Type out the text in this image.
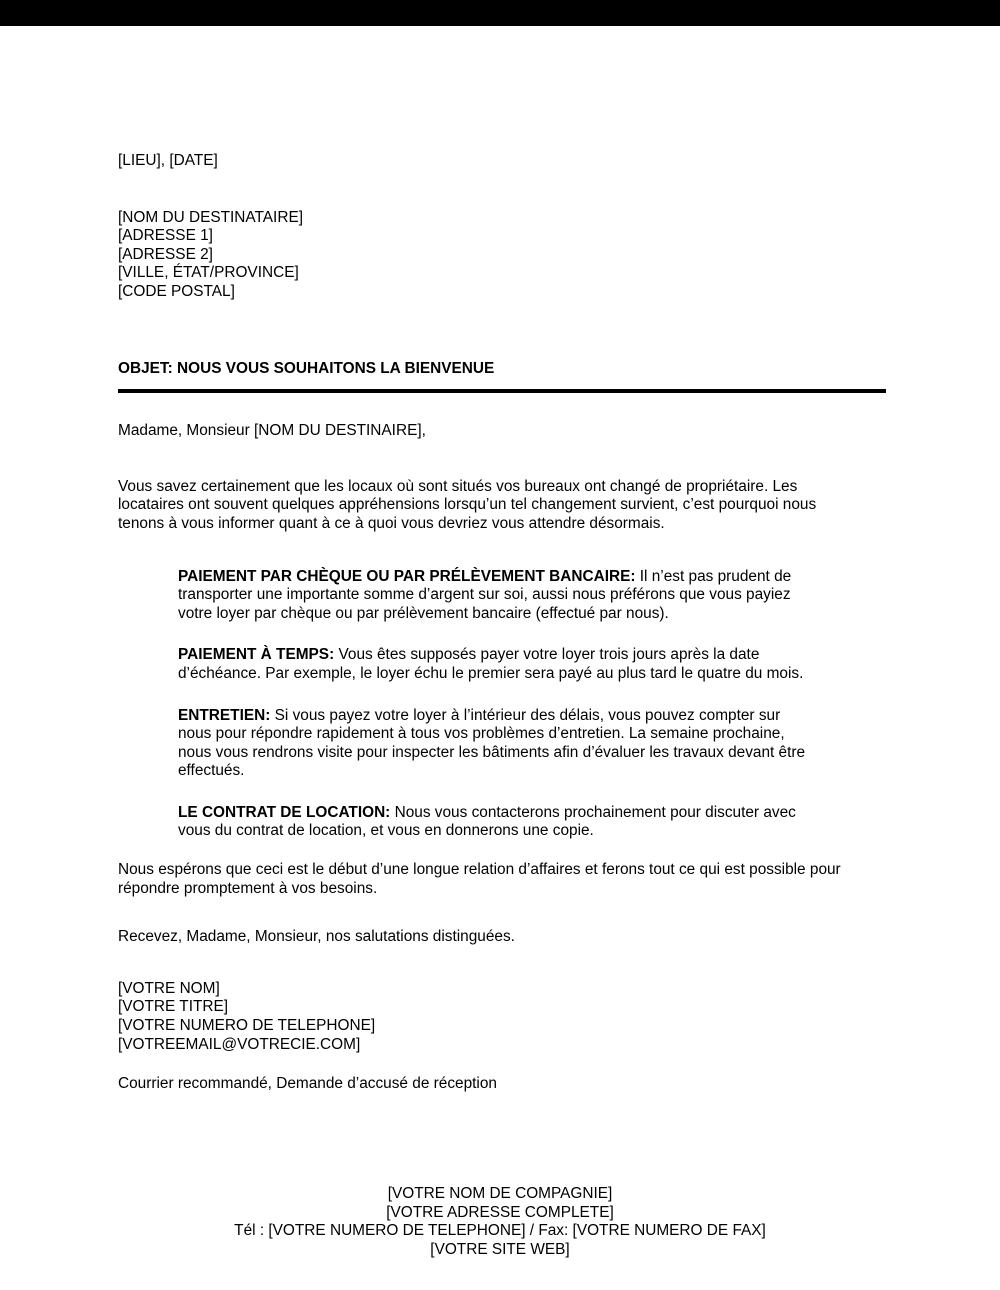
[LIEU], [DATE]

[NOM DU DESTINATAIRE]

[ADRESSE 1]

[ADRESSE 2]

[VILLE, ÉTAT/PROVINCE]

[CODE POSTAL]

OBJET: NOUS VOUS SOUHAITONS LA BIENVENUE

Madame, Monsieur [NOM DU DESTINAIRE],

Vous savez certainement que les locaux où sont situés vos bureaux ont changé de propriétaire. Les locataires ont souvent quelques appréhensions lorsqu’un tel changement survient, c’est pourquoi nous tenons à vous informer quant à ce à quoi vous devriez vous attendre désormais.

PAIEMENT PAR CHÈQUE OU PAR PRÉLÈVEMENT BANCAIRE: Il n’est pas prudent de transporter une importante somme d’argent sur soi, aussi nous préférons que vous payiez votre loyer par chèque ou par prélèvement bancaire (effectué par nous).

PAIEMENT À TEMPS: Vous êtes supposés payer votre loyer trois jours après la date d’échéance. Par exemple, le loyer échu le premier sera payé au plus tard le quatre du mois.

ENTRETIEN: Si vous payez votre loyer à l’intérieur des délais, vous pouvez compter sur nous pour répondre rapidement à tous vos problèmes d’entretien. La semaine prochaine, nous vous rendrons visite pour inspecter les bâtiments afin d’évaluer les travaux devant être effectués.

LE CONTRAT DE LOCATION: Nous vous contacterons prochainement pour discuter avec vous du contrat de location, et vous en donnerons une copie.

Nous espérons que ceci est le début d’une longue relation d’affaires et ferons tout ce qui est possible pour répondre promptement à vos besoins.

Recevez, Madame, Monsieur, nos salutations distinguées.

[VOTRE NOM]

[VOTRE TITRE]

[VOTRE NUMERO DE TELEPHONE]

[VOTREEMAIL@VOTRECIE.COM]

Courrier recommandé, Demande d’accusé de réception

[VOTRE NOM DE COMPAGNIE]

[VOTRE ADRESSE COMPLETE]

Tél : [VOTRE NUMERO DE TELEPHONE] / Fax: [VOTRE NUMERO DE FAX]

[VOTRE SITE WEB]
